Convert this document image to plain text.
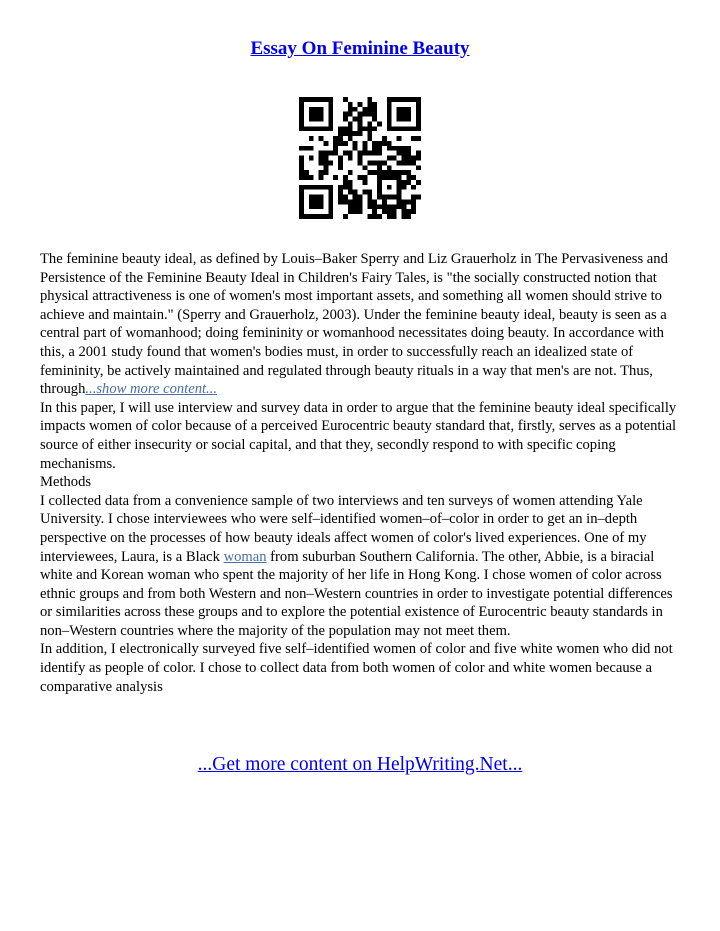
Essay On Feminine Beauty

The feminine beauty ideal, as defined by Louis–Baker Sperry and Liz Grauerholz in The Pervasiveness and Persistence of the Feminine Beauty Ideal in Children's Fairy Tales, is "the socially constructed notion that physical attractiveness is one of women's most important assets, and something all women should strive to achieve and maintain." (Sperry and Grauerholz, 2003). Under the feminine beauty ideal, beauty is seen as a central part of womanhood; doing femininity or womanhood necessitates doing beauty. In accordance with this, a 2001 study found that women's bodies must, in order to successfully reach an idealized state of femininity, be actively maintained and regulated through beauty rituals in a way that men's are not. Thus, through...show more content...

In this paper, I will use interview and survey data in order to argue that the feminine beauty ideal specifically impacts women of color because of a perceived Eurocentric beauty standard that, firstly, serves as a potential source of either insecurity or social capital, and that they, secondly respond to with specific coping mechanisms.

Methods

I collected data from a convenience sample of two interviews and ten surveys of women attending Yale University. I chose interviewees who were self–identified women–of–color in order to get an in–depth perspective on the processes of how beauty ideals affect women of color's lived experiences. One of my interviewees, Laura, is a Black woman from suburban Southern California. The other, Abbie, is a biracial white and Korean woman who spent the majority of her life in Hong Kong. I chose women of color across ethnic groups and from both Western and non–Western countries in order to investigate potential differences or similarities across these groups and to explore the potential existence of Eurocentric beauty standards in non–Western countries where the majority of the population may not meet them.

In addition, I electronically surveyed five self–identified women of color and five white women who did not identify as people of color. I chose to collect data from both women of color and white women because a comparative analysis

...Get more content on HelpWriting.Net...
